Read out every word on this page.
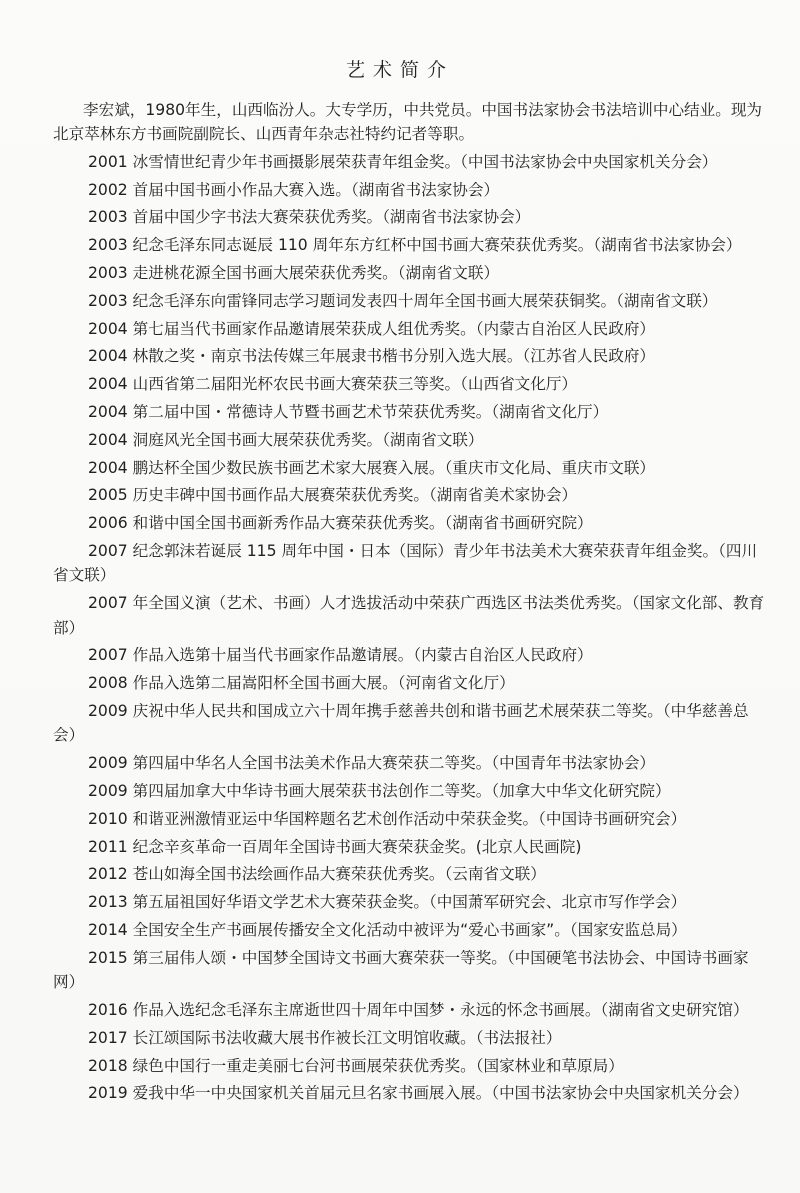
艺术简介

李宏斌，1980年生，山西临汾人。大专学历，中共党员。中国书法家协会书法培训中心结业。现为北京萃林东方书画院副院长、山西青年杂志社特约记者等职。

2001 冰雪情世纪青少年书画摄影展荣获青年组金奖。（中国书法家协会中央国家机关分会）

2002 首届中国书画小作品大赛入选。（湖南省书法家协会）

2003 首届中国少字书法大赛荣获优秀奖。（湖南省书法家协会）

2003 纪念毛泽东同志诞辰 110 周年东方红杯中国书画大赛荣获优秀奖。（湖南省书法家协会）

2003 走进桃花源全国书画大展荣获优秀奖。（湖南省文联）

2003 纪念毛泽东向雷锋同志学习题词发表四十周年全国书画大展荣获铜奖。（湖南省文联）

2004 第七届当代书画家作品邀请展荣获成人组优秀奖。（内蒙古自治区人民政府）

2004 林散之奖・南京书法传媒三年展隶书楷书分别入选大展。（江苏省人民政府）

2004 山西省第二届阳光杯农民书画大赛荣获三等奖。（山西省文化厅）

2004 第二届中国・常德诗人节暨书画艺术节荣获优秀奖。（湖南省文化厅）

2004 洞庭风光全国书画大展荣获优秀奖。（湖南省文联）

2004 鹏达杯全国少数民族书画艺术家大展赛入展。（重庆市文化局、重庆市文联）

2005 历史丰碑中国书画作品大展赛荣获优秀奖。（湖南省美术家协会）

2006 和谐中国全国书画新秀作品大赛荣获优秀奖。（湖南省书画研究院）

2007 纪念郭沫若诞辰 115 周年中国・日本（国际）青少年书法美术大赛荣获青年组金奖。（四川省文联）

2007 年全国义演（艺术、书画）人才选拔活动中荣获广西选区书法类优秀奖。（国家文化部、教育部）

2007 作品入选第十届当代书画家作品邀请展。（内蒙古自治区人民政府）

2008 作品入选第二届嵩阳杯全国书画大展。（河南省文化厅）

2009 庆祝中华人民共和国成立六十周年携手慈善共创和谐书画艺术展荣获二等奖。（中华慈善总会）

2009 第四届中华名人全国书法美术作品大赛荣获二等奖。（中国青年书法家协会）

2009 第四届加拿大中华诗书画大展荣获书法创作二等奖。（加拿大中华文化研究院）

2010 和谐亚洲激情亚运中华国粹题名艺术创作活动中荣获金奖。（中国诗书画研究会）

2011 纪念辛亥革命一百周年全国诗书画大赛荣获金奖。(北京人民画院)

2012 苍山如海全国书法绘画作品大赛荣获优秀奖。（云南省文联）

2013 第五届祖国好华语文学艺术大赛荣获金奖。（中国萧军研究会、北京市写作学会）

2014 全国安全生产书画展传播安全文化活动中被评为“爱心书画家”。（国家安监总局）

2015 第三届伟人颂・中国梦全国诗文书画大赛荣获一等奖。（中国硬笔书法协会、中国诗书画家网）

2016 作品入选纪念毛泽东主席逝世四十周年中国梦・永远的怀念书画展。（湖南省文史研究馆）

2017 长江颂国际书法收藏大展书作被长江文明馆收藏。（书法报社）

2018 绿色中国行一重走美丽七台河书画展荣获优秀奖。（国家林业和草原局）

2019 爱我中华一中央国家机关首届元旦名家书画展入展。（中国书法家协会中央国家机关分会）
